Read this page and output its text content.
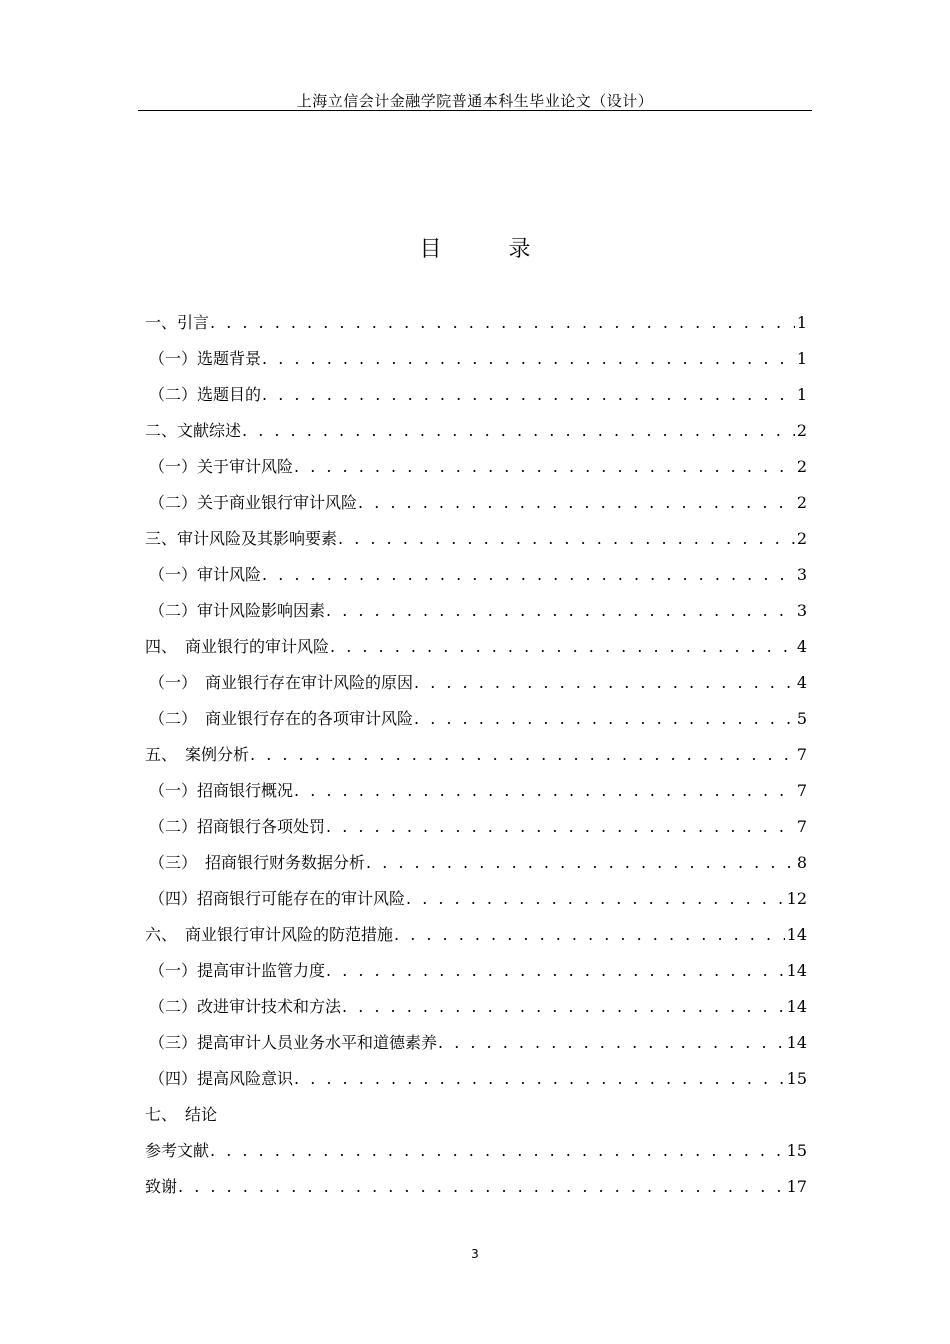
上海立信会计金融学院普通本科生毕业论文（设计）
目 录
一、引言 . . .	1
（一）选题背景 . . .	1
（二）选题目的 . . .	1
二、文献综述 . . .	2
（一）关于审计风险 . . .	2
（二）关于商业银行审计风险 . . .	2
三、审计风险及其影响要素 . . .	2
（一）审计风险 . . .	3
（二）审计风险影响因素 . . .	3
四、　商业银行的审计风险 . . .	4
（一）　商业银行存在审计风险的原因 . . .	4
（二）　商业银行存在的各项审计风险 . . .	5
五、　案例分析 . . .	7
（一）招商银行概况 . . .	7
（二）招商银行各项处罚 . . .	7
（三）　招商银行财务数据分析 . . .	8
（四）招商银行可能存在的审计风险 . . .	12
六、　商业银行审计风险的防范措施 . . .	14
（一）提高审计监管力度 . . .	14
（二）改进审计技术和方法 . . .	14
（三）提高审计人员业务水平和道德素养 . . .	14
（四）提高风险意识 . . .	15
七、　结论
参考文献 . . .	15
致谢 . . .	17
3
